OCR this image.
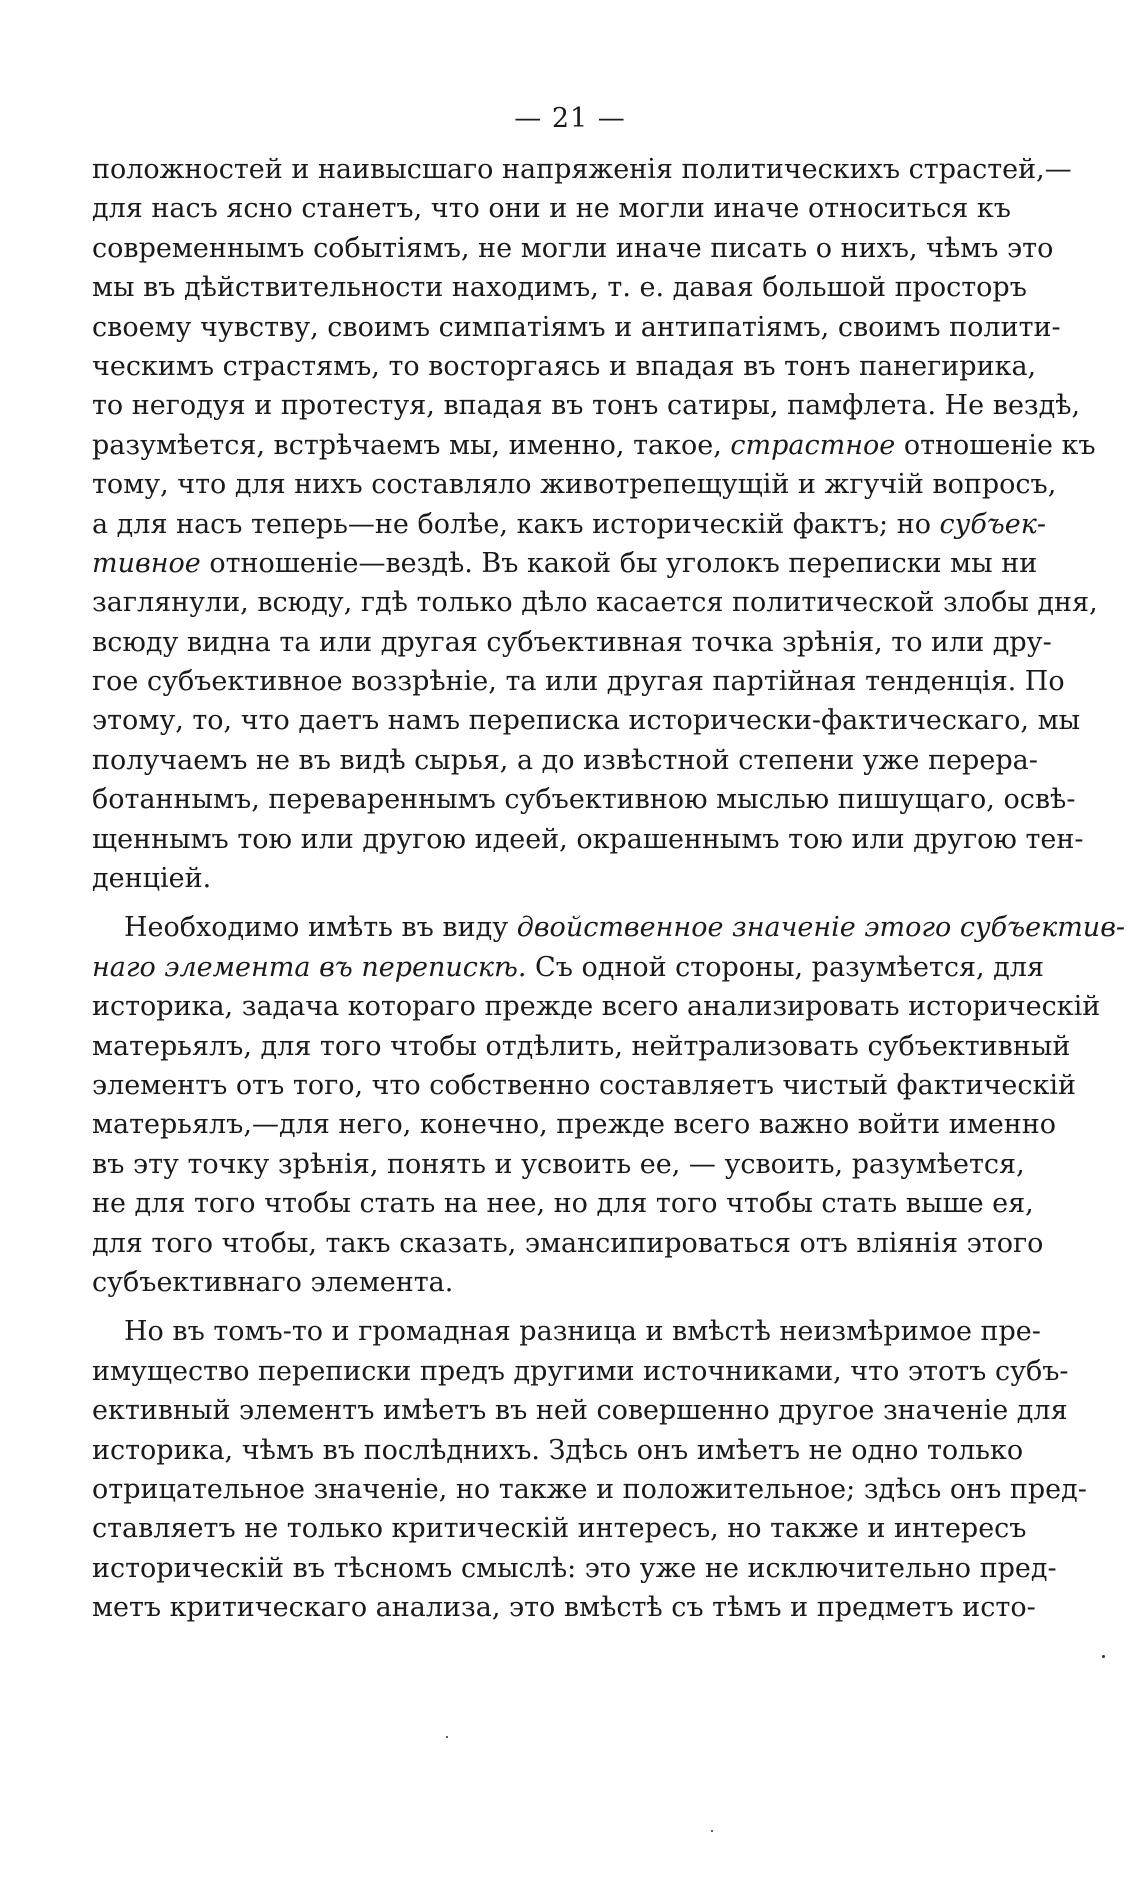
— 21 —
положностей и наивысшаго напряженія политическихъ страстей,—
для насъ ясно станетъ, что они и не могли иначе относиться къ
современнымъ событіямъ, не могли иначе писать о нихъ, чѣмъ это
мы въ дѣйствительности находимъ, т. е. давая большой просторъ
своему чувству, своимъ симпатіямъ и антипатіямъ, своимъ полити-
ческимъ страстямъ, то восторгаясь и впадая въ тонъ панегирика,
то негодуя и протестуя, впадая въ тонъ сатиры, памфлета. Не вездѣ,
разумѣется, встрѣчаемъ мы, именно, такое, страстное отношеніе къ
тому, что для нихъ составляло животрепещущій и жгучій вопросъ,
а для насъ теперь—не болѣе, какъ историческій фактъ; но субъек-
тивное отношеніе—вездѣ. Въ какой бы уголокъ переписки мы ни
заглянули, всюду, гдѣ только дѣло касается политической злобы дня,
всюду видна та или другая субъективная точка зрѣнія, то или дру-
гое субъективное воззрѣніе, та или другая партійная тенденція. По
этому, то, что даетъ намъ переписка исторически-фактическаго, мы
получаемъ не въ видѣ сырья, а до извѣстной степени уже перера-
ботаннымъ, перевареннымъ субъективною мыслью пишущаго, освѣ-
щеннымъ тою или другою идеей, окрашеннымъ тою или другою тен-
денціей.
Необходимо имѣть въ виду двойственное значеніе этого субъектив-
наго элемента въ перепискѣ. Съ одной стороны, разумѣется, для
историка, задача котораго прежде всего анализировать историческій
матерьялъ, для того чтобы отдѣлить, нейтрализовать субъективный
элементъ отъ того, что собственно составляетъ чистый фактическій
матерьялъ,—для него, конечно, прежде всего важно войти именно
въ эту точку зрѣнія, понять и усвоить ее, — усвоить, разумѣется,
не для того чтобы стать на нее, но для того чтобы стать выше ея,
для того чтобы, такъ сказать, эмансипироваться отъ вліянія этого
субъективнаго элемента.
Но въ томъ-то и громадная разница и вмѣстѣ неизмѣримое пре-
имущество переписки предъ другими источниками, что этотъ субъ-
ективный элементъ имѣетъ въ ней совершенно другое значеніе для
историка, чѣмъ въ послѣднихъ. Здѣсь онъ имѣетъ не одно только
отрицательное значеніе, но также и положительное; здѣсь онъ пред-
ставляетъ не только критическій интересъ, но также и интересъ
историческій въ тѣсномъ смыслѣ: это уже не исключительно пред-
метъ критическаго анализа, это вмѣстѣ съ тѣмъ и предметъ исто-
